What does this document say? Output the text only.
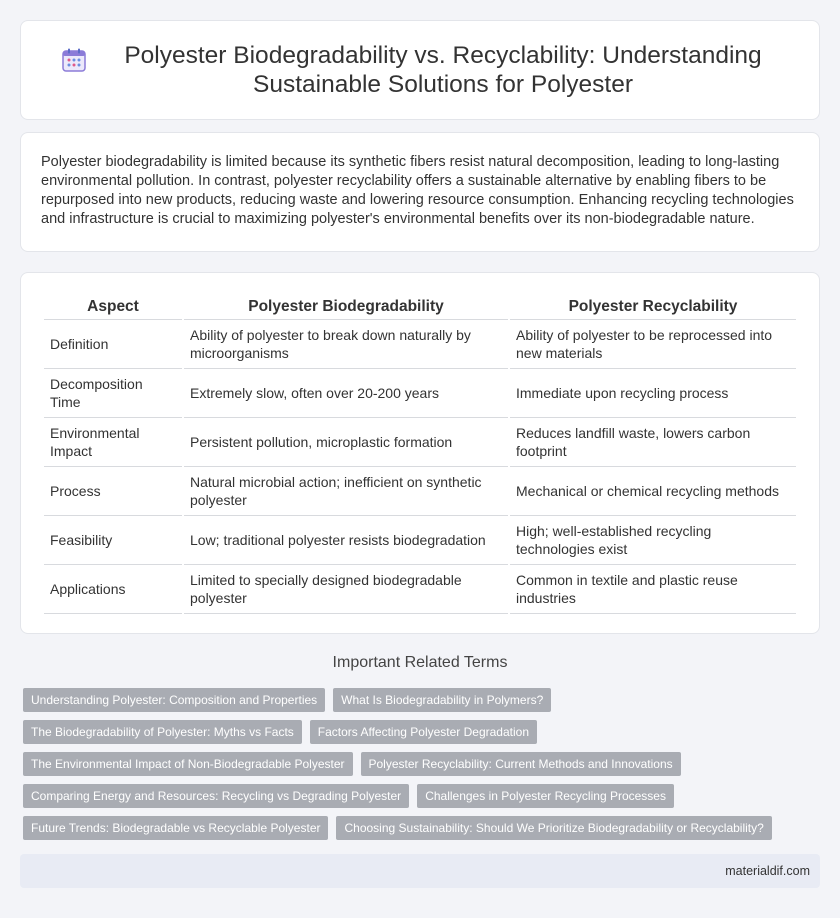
Polyester Biodegradability vs. Recyclability: Understanding Sustainable Solutions for Polyester

Polyester biodegradability is limited because its synthetic fibers resist natural decomposition, leading to long-lasting environmental pollution. In contrast, polyester recyclability offers a sustainable alternative by enabling fibers to be repurposed into new products, reducing waste and lowering resource consumption. Enhancing recycling technologies and infrastructure is crucial to maximizing polyester's environmental benefits over its non-biodegradable nature.

Aspect	Polyester Biodegradability	Polyester Recyclability
Definition	Ability of polyester to break down naturally by microorganisms	Ability of polyester to be reprocessed into new materials
Decomposition Time	Extremely slow, often over 20-200 years	Immediate upon recycling process
Environmental Impact	Persistent pollution, microplastic formation	Reduces landfill waste, lowers carbon footprint
Process	Natural microbial action; inefficient on synthetic polyester	Mechanical or chemical recycling methods
Feasibility	Low; traditional polyester resists biodegradation	High; well-established recycling technologies exist
Applications	Limited to specially designed biodegradable polyester	Common in textile and plastic reuse industries
Important Related Terms
Understanding Polyester: Composition and Properties	What Is Biodegradability in Polymers?
The Biodegradability of Polyester: Myths vs Facts	Factors Affecting Polyester Degradation
The Environmental Impact of Non-Biodegradable Polyester	Polyester Recyclability: Current Methods and Innovations
Comparing Energy and Resources: Recycling vs Degrading Polyester	Challenges in Polyester Recycling Processes
Future Trends: Biodegradable vs Recyclable Polyester	Choosing Sustainability: Should We Prioritize Biodegradability or Recyclability?
materialdif.com
